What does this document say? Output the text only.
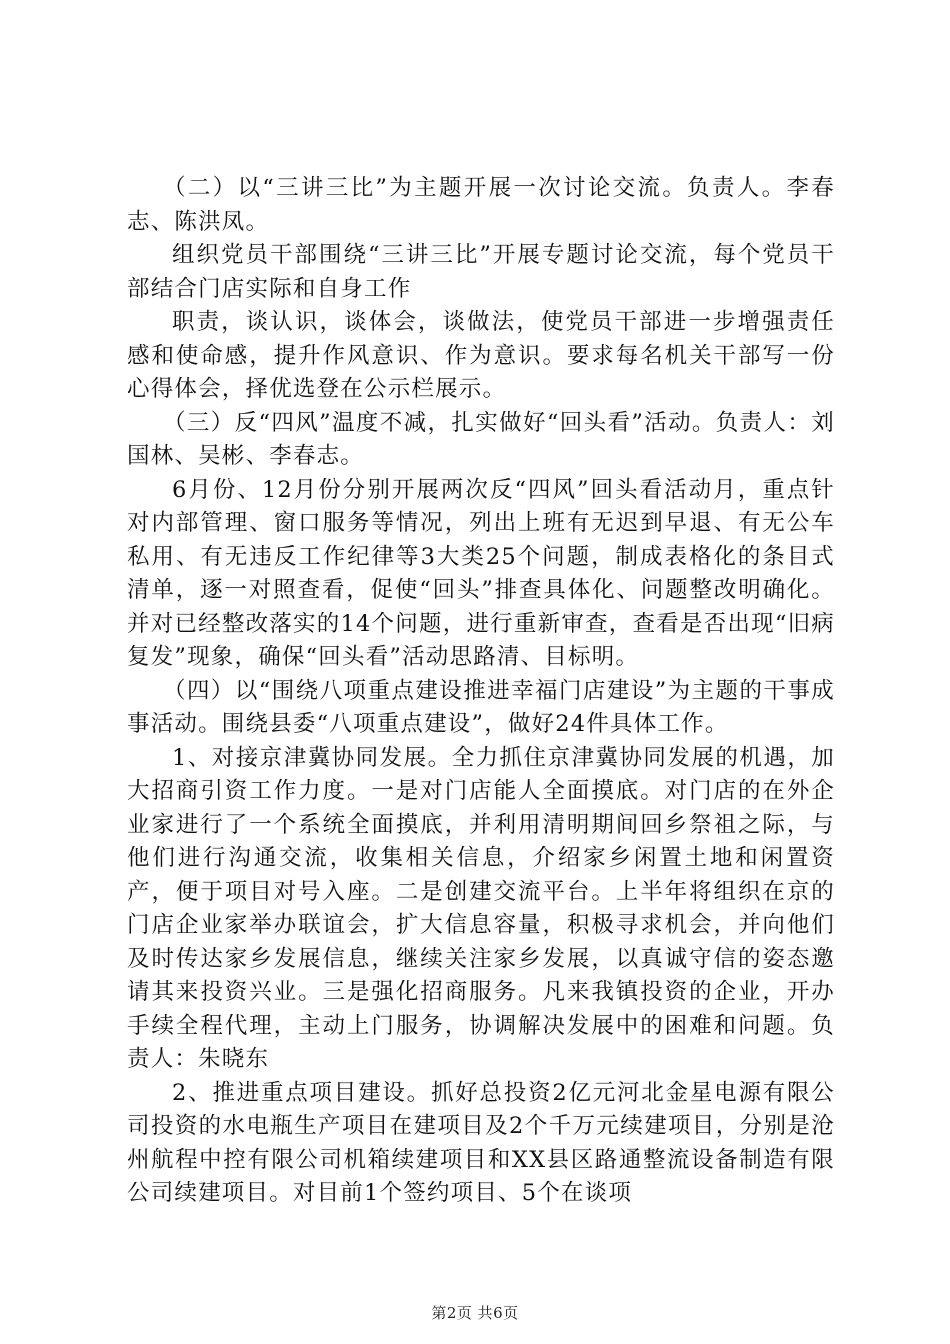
（二）以“三讲三比”为主题开展一次讨论交流。负责人。李春志、陈洪凤。

组织党员干部围绕“三讲三比”开展专题讨论交流，每个党员干部结合门店实际和自身工作

职责，谈认识，谈体会，谈做法，使党员干部进一步增强责任感和使命感，提升作风意识、作为意识。要求每名机关干部写一份心得体会，择优选登在公示栏展示。

（三）反“四风”温度不减，扎实做好“回头看”活动。负责人：刘国林、吴彬、李春志。

6月份、12月份分别开展两次反“四风”回头看活动月，重点针对内部管理、窗口服务等情况，列出上班有无迟到早退、有无公车私用、有无违反工作纪律等3大类25个问题，制成表格化的条目式清单，逐一对照查看，促使“回头”排查具体化、问题整改明确化。并对已经整改落实的14个问题，进行重新审查，查看是否出现“旧病复发”现象，确保“回头看”活动思路清、目标明。

（四）以“围绕八项重点建设推进幸福门店建设”为主题的干事成事活动。围绕县委“八项重点建设”，做好24件具体工作。

1、对接京津冀协同发展。全力抓住京津冀协同发展的机遇，加大招商引资工作力度。一是对门店能人全面摸底。对门店的在外企业家进行了一个系统全面摸底，并利用清明期间回乡祭祖之际，与他们进行沟通交流，收集相关信息，介绍家乡闲置土地和闲置资产，便于项目对号入座。二是创建交流平台。上半年将组织在京的门店企业家举办联谊会，扩大信息容量，积极寻求机会，并向他们及时传达家乡发展信息，继续关注家乡发展，以真诚守信的姿态邀请其来投资兴业。三是强化招商服务。凡来我镇投资的企业，开办手续全程代理，主动上门服务，协调解决发展中的困难和问题。负责人：朱晓东

2、推进重点项目建设。抓好总投资2亿元河北金星电源有限公司投资的水电瓶生产项目在建项目及2个千万元续建项目，分别是沧州航程中控有限公司机箱续建项目和XX县区路通整流设备制造有限公司续建项目。对目前1个签约项目、5个在谈项

第2页 共6页
